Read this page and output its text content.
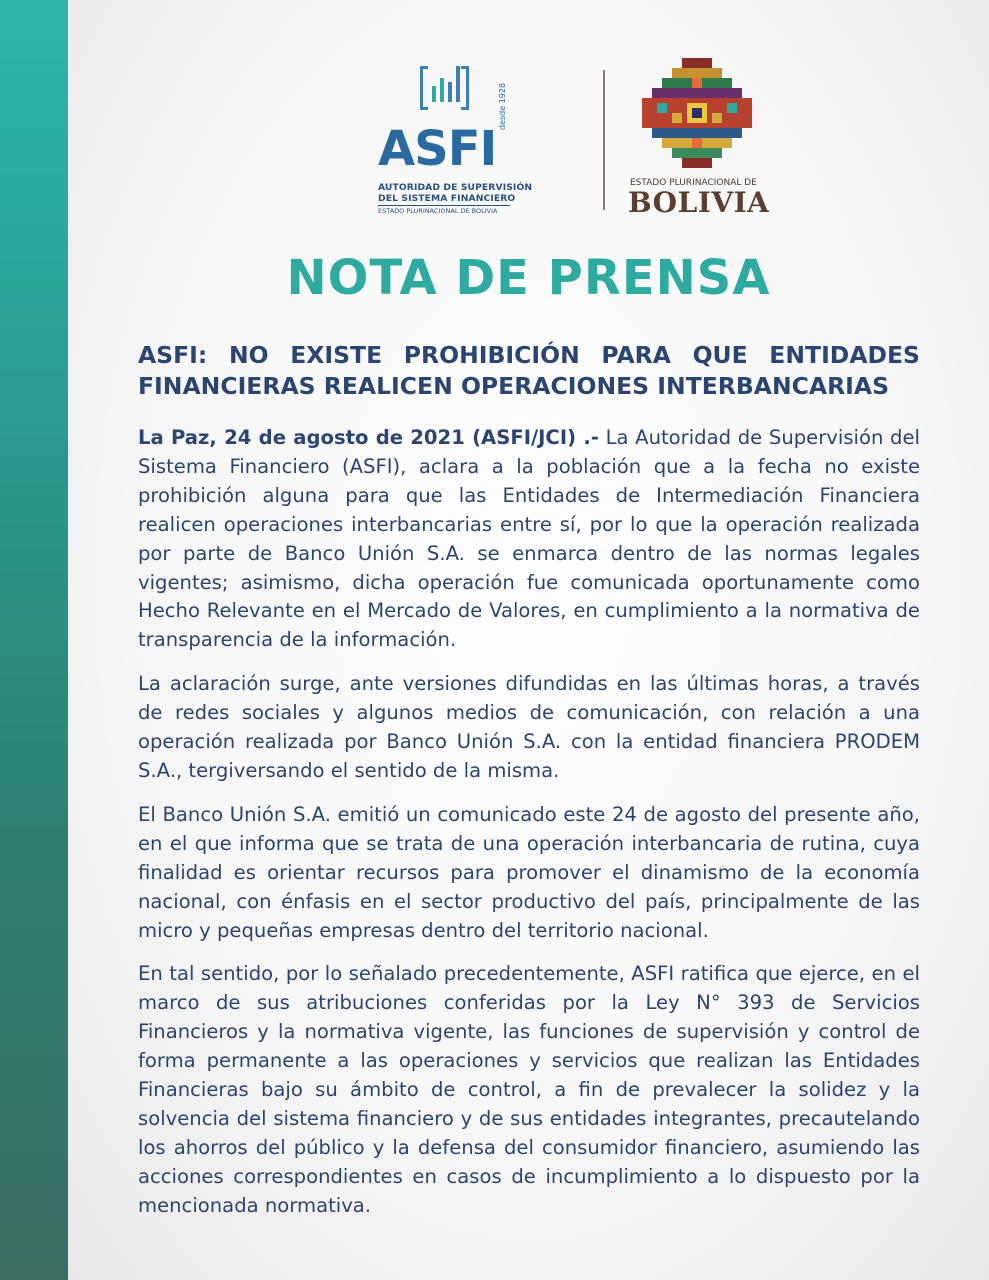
ASFI
desde 1928
AUTORIDAD DE SUPERVISIÓN
DEL SISTEMA FINANCIERO
ESTADO PLURINACIONAL DE BOLIVIA
ESTADO PLURINACIONAL DE
BOLIVIA
NOTA DE PRENSA

ASFI: NO EXISTE PROHIBICIÓN PARA QUE ENTIDADES FINANCIERAS REALICEN OPERACIONES INTERBANCARIAS

La Paz, 24 de agosto de 2021 (ASFI/JCI) .- La Autoridad de Supervisión del Sistema Financiero (ASFI), aclara a la población que a la fecha no existe prohibición alguna para que las Entidades de Intermediación Financiera realicen operaciones interbancarias entre sí, por lo que la operación realizada por parte de Banco Unión S.A. se enmarca dentro de las normas legales vigentes; asimismo, dicha operación fue comunicada oportunamente como Hecho Relevante en el Mercado de Valores, en cumplimiento a la normativa de transparencia de la información.

La aclaración surge, ante versiones difundidas en las últimas horas, a través de redes sociales y algunos medios de comunicación, con relación a una operación realizada por Banco Unión S.A. con la entidad financiera PRODEM S.A., tergiversando el sentido de la misma.

El Banco Unión S.A. emitió un comunicado este 24 de agosto del presente año, en el que informa que se trata de una operación interbancaria de rutina, cuya finalidad es orientar recursos para promover el dinamismo de la economía nacional, con énfasis en el sector productivo del país, principalmente de las micro y pequeñas empresas dentro del territorio nacional.

En tal sentido, por lo señalado precedentemente, ASFI ratifica que ejerce, en el marco de sus atribuciones conferidas por la Ley N° 393 de Servicios Financieros y la normativa vigente, las funciones de supervisión y control de forma permanente a las operaciones y servicios que realizan las Entidades Financieras bajo su ámbito de control, a fin de prevalecer la solidez y la solvencia del sistema financiero y de sus entidades integrantes, precautelando los ahorros del público y la defensa del consumidor financiero, asumiendo las acciones correspondientes en casos de incumplimiento a lo dispuesto por la mencionada normativa.
